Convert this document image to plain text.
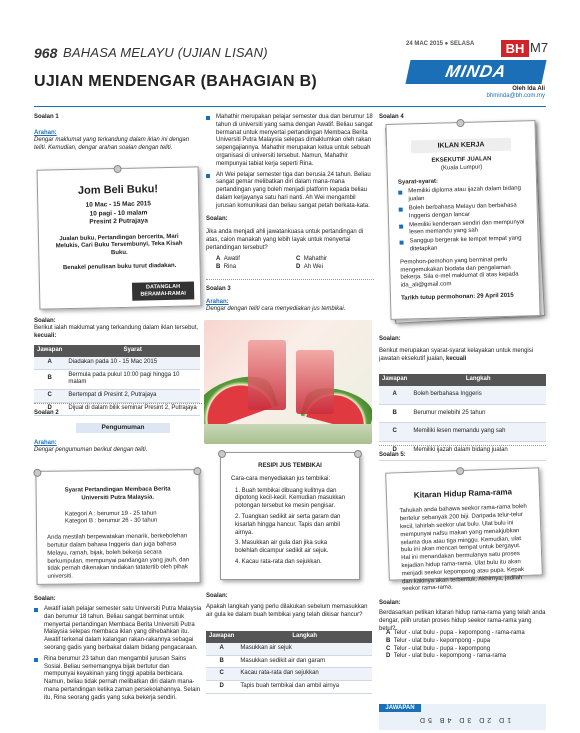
968 BAHASA MELAYU (UJIAN LISAN)
24 MAC 2015 ● SELASA	BH M7
MINDA
UJIAN MENDENGAR (BAHAGIAN B)	Oleh Ida Ali
bhminda@bh.com.my
Soalan 1
Arahan:
Dengar maklumat yang terkandung dalam iklan ini dengan teliti. Kemudian, dengar arahan soalan dengan teliti.
Jom Beli Buku!
10 Mac - 15 Mac 2015
10 pagi - 10 malam
Presint 2 Putrajaya
Jualan buku, Pertandingan bercerita, Mari Melukis, Cari Buku Tersembunyi, Teka Kisah Buku.
Benakel penulisan buku turut diadakan.
DATANGLAH BERAMAI-RAMAI
Soalan:
Berikut ialah maklumat yang terkandung dalam iklan tersebut, kecuali:
Jawapan	Syarat
A	Diadakan pada 10 - 15 Mac 2015
B	Bermula pada pukul 10:00 pagi hingga 10 malam
C	Bertempat di Presint 2, Putrajaya
D	Dijual di dalam bilik seminar Presint 2, Putrajaya
Soalan 2
Pengumuman
Arahan:
Dengar pengumuman berikut dengan teliti.
Syarat Pertandingan Membaca Berita Universiti Putra Malaysia.
Kategori A : berumur 19 - 25 tahun
Kategori B : berumur 26 - 30 tahun
Anda mestilah berpewatakan menarik, berkebolehan bertutur dalam bahasa Inggeris dan juga bahasa Melayu, ramah, bijak, boleh bekerja secara berkumpulan, mempunyai pandangan yang jauh, dan tidak pernah dikenakan tindakan tatatertib oleh pihak universiti.
Soalan:
Awatif ialah pelajar semester satu Universiti Putra Malaysia dan berumur 18 tahun. Beliau sangat berminat untuk menyertai pertandingan Membaca Berita Universiti Putra Malaysia selepas membaca iklan yang dihebahkan itu. Awatif terkenal dalam kalangan rakan-rakannya sebagai seorang gadis yang berbakat dalam bidang pengacaraan.
Rina berumur 23 tahun dan mengambil jurusan Sains Sosial. Beliau sememangnya bijak bertutur dan mempunyai keyakinan yang tinggi apabila berbicara. Namun, beliau tidak pernah melibatkan diri dalam mana-mana pertandingan ketika zaman persekolahannya. Selain itu, Rina seorang gadis yang suka bekerja sendiri.
Mahathir merupakan pelajar semester dua dan berumur 18 tahun di universiti yang sama dengan Awatif. Beliau sangat bermanat untuk menyertai pertandingan Membaca Berita Universiti Putra Malaysia selepas dimaklumkan oleh rakan sepengajiannya. Mahathir merupakan ketua untuk sebuah organisasi di universiti tersebut. Namun, Mahathir mempunyai tabiat kerja seperti Rina.
Ah Wei pelajar semester tiga dan berusia 24 tahun. Beliau sangat gemar melibatkan diri dalam mana-mana pertandingan yang boleh menjadi platform kepada beliau dalam kerjayanya satu hari nanti. Ah Wei mengambil jurusan komunikasi dan beliau sangat petah berkata-kata.
Soalan:
Jika anda menjadi ahli jawatankuasa untuk pertandingan di atas, calon manakah yang lebih layak untuk menyertai pertandingan tersebut?
A Awatif	C Mahathir
B Rina	D Ah Wei
Soalan 3
Arahan:
Dengar dengan teliti cara menyediakan jus tembikai.
RESIPI JUS TEMBIKAI
Cara-cara menyediakan jus tembikai:
1. Buah tembikai dibuang kulitnya dan dipotong kecil-kecil. Kemudian masukkan potongan tersebut ke mesin pengisar.
2. Tuangkan sedikit air serta garam dan kisarlah hingga hancur. Tapis dan ambil airnya.
3. Masukkan air gula dan jika suka bolehlah dicampur sedikit air sejuk.
4. Kacau rata-rata dan sejukkan.
Soalan:
Apakah langkah yang perlu dilakukan sebelum memasukkan air gula ke dalam buah tembikai yang telah dikisar hancur?
Jawapan	Langkah
A	Masukkan air sejuk
B	Masukkan sedikit air dan garam
C	Kacau rata-rata dan sejukkan
D	Tapis buah tembikai dan ambil airnya
Soalan 4
IKLAN KERJA
EKSEKUTIF JUALAN
(Kuala Lumpur)
Syarat-syarat:
Memiliki diploma atau ijazah dalam bidang jualan
Boleh berbahasa Melayu dan berbahasa Inggeris dengan lancar
Memiliki kenderaan sendiri dan mempunyai lesen memandu yang sah
Sanggup bergerak ke tempat tempat yang ditetapkan
Pemohon-pemohon yang berminat perlu mengemukakan biodata dan pengalaman bekerja. Sila e-mel maklumat di atas kepada ida_ali@gmail.com
Tarikh tutup permohonan: 29 April 2015
Soalan:
Berikut merupakan syarat-syarat kelayakan untuk mengisi jawatan eksekutif jualan, kecuali
Jawapan	Langkah
A	Boleh berbahasa Inggeris
B	Berumur melebihi 25 tahun
C	Memiliki lesen memandu yang sah
D	Memiliki ijazah dalam bidang jualan
Soalan 5:
Kitaran Hidup Rama-rama
Tahukah anda bahawa seekor rama-rama boleh bertelur sebanyak 200 biji. Daripada telur-telur kecil, lahirlah seekor ulat bulu. Ulat bulu ini mempunyai nafsu makan yang menakjubkan selama dua atau tiga minggu. Kemudian, ulat bulu ini akan mencari tempat untuk bergayut. Hal ini menandakan bermulanya satu proses kejadian hidup rama-rama. Ulat bulu itu akan menjadi seekor kepompong atau pupa. Kepak dan kakinya akan terbentuk. Akhirnya, jadilah seekor rama-rama.
Soalan:
Berdasarkan petikan kitaran hidup rama-rama yang telah anda dengar, pilih urutan proses hidup seekor rama-rama yang betul?
A Telur - ulat bulu - pupa - kepompong - rama-rama
B Telur - ulat bulu - kepompong - pupa
C Telur - ulat bulu - pupa - kepompong
D Telur - ulat bulu - kepompong - rama-rama
JAWAPAN
1D 2D 3D 4B 5D
